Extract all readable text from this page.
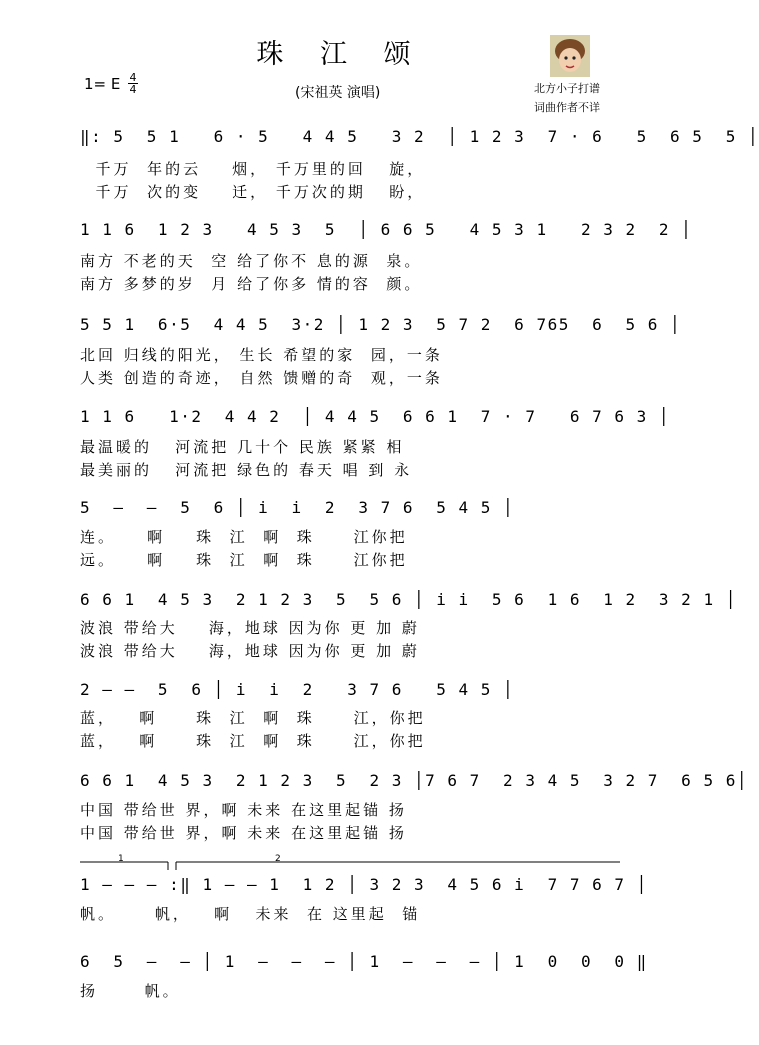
珠 江 颂
1= E $\frac{4}{4}$	(宋祖英 演唱)	北方小子打谱
词曲作者不详
‖: 5  5 1   6 · 5   4 4 5   3 2  │ 1 2 3  7 · 6   5  6 5  5 │
千万  年的云    烟， 千万里的回   旋，
千万  次的变    迁， 千万次的期   盼，
1 1 6  1 2 3   4 5 3  5  │ 6 6 5   4 5 3 1   2 3 2  2 │
南方 不老的天  空 给了你不 息的源  泉。
南方 多梦的岁  月 给了你多 情的容  颜。
5 5 1  6·5  4 4 5  3·2 │ 1 2 3  5 7 2  6 765  6  5 6 │
北回 归线的阳光， 生长 希望的家  园，一条
人类 创造的奇迹， 自然 馈赠的奇  观，一条
1 1 6   1·2  4 4 2  │ 4 4 5  6 6 1  7 · 7   6 7 6 3 │
最温暖的   河流把 几十个 民族 紧紧 相
最美丽的   河流把 绿色的 春天 唱 到 永
5  –  –  5  6 │ i  i  2  3 7 6  5 4 5 │
连。    啊    珠  江  啊  珠     江你把
远。    啊    珠  江  啊  珠     江你把
6 6 1  4 5 3  2 1 2 3  5  5 6 │ i i  5 6  1 6  1 2  3 2 1 │
波浪 带给大    海，地球 因为你 更 加 蔚
波浪 带给大    海，地球 因为你 更 加 蔚
2 – –  5  6 │ i  i  2   3 7 6   5 4 5 │
蓝，   啊     珠  江  啊  珠     江，你把
蓝，   啊     珠  江  啊  珠     江，你把
6 6 1  4 5 3  2 1 2 3  5  2 3 │7 6 7  2 3 4 5  3 2 7  6 5 6│
中国 带给世 界，啊 未来 在这里起锚 扬
中国 带给世 界，啊 未来 在这里起锚 扬
1	2
1 – – – :‖ 1 – – 1  1 2 │ 3 2 3  4 5 6 i  7 7 6 7 │
帆。     帆，   啊   未来  在 这里起  锚
6  5  –  – │ 1  –  –  – │ 1  –  –  – │ 1  0  0  0 ‖
扬      帆。
